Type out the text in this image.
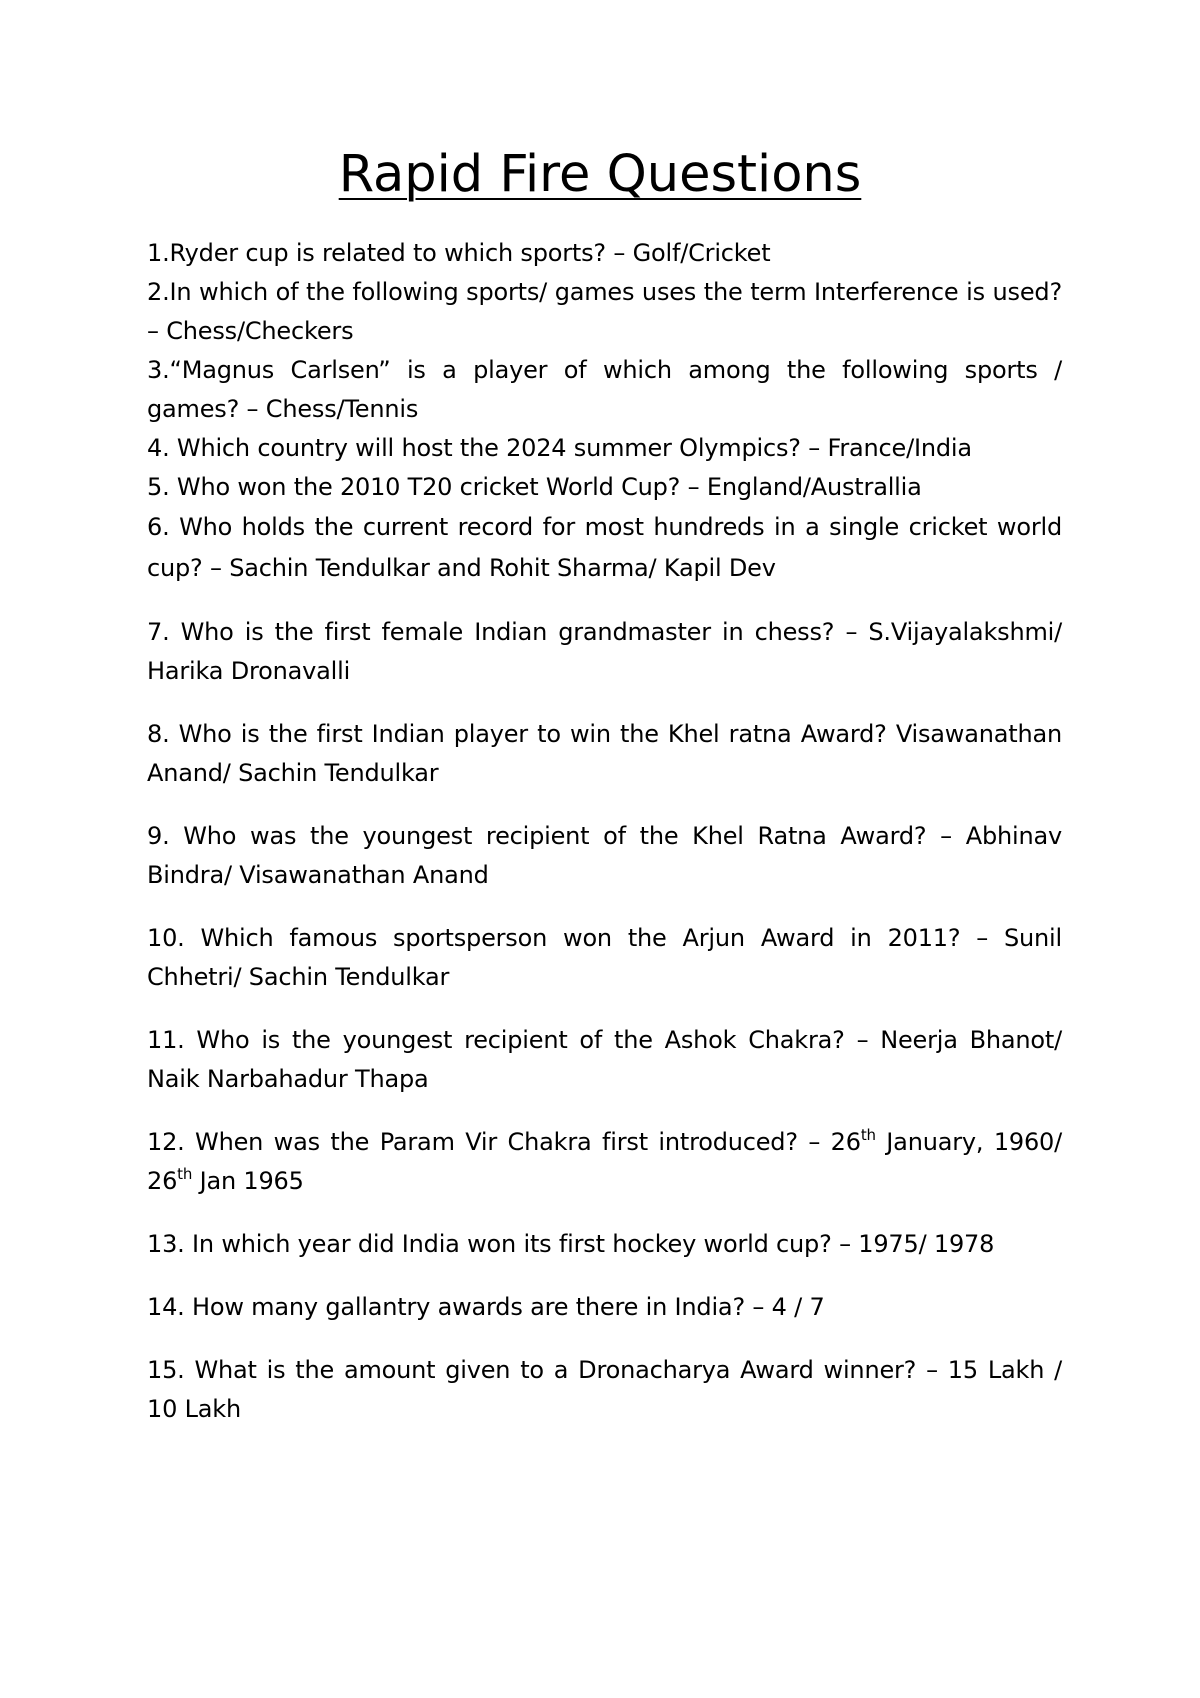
Rapid Fire Questions

1.Ryder cup is related to which sports? – Golf/Cricket

2.In which of the following sports/ games uses the term Interference is used? – Chess/Checkers

3.“Magnus Carlsen” is a player of which among the following sports / games? – Chess/Tennis

4. Which country will host the 2024 summer Olympics? – France/India

5. Who won the 2010 T20 cricket World Cup? – England/Australlia

6. Who holds the current record for most hundreds in a single cricket world cup? – Sachin Tendulkar and Rohit Sharma/ Kapil Dev

7. Who is the first female Indian grandmaster in chess? – S.Vijayalakshmi/ Harika Dronavalli

8. Who is the first Indian player to win the Khel ratna Award? Visawanathan Anand/ Sachin Tendulkar

9. Who was the youngest recipient of the Khel Ratna Award? – Abhinav Bindra/ Visawanathan Anand

10. Which famous sportsperson won the Arjun Award in 2011? – Sunil Chhetri/ Sachin Tendulkar

11. Who is the youngest recipient of the Ashok Chakra? – Neerja Bhanot/ Naik Narbahadur Thapa

12. When was the Param Vir Chakra first introduced? – 26th January, 1960/ 26th Jan 1965

13. In which year did India won its first hockey world cup? – 1975/ 1978

14. How many gallantry awards are there in India? – 4 / 7

15. What is the amount given to a Dronacharya Award winner? – 15 Lakh / 10 Lakh
